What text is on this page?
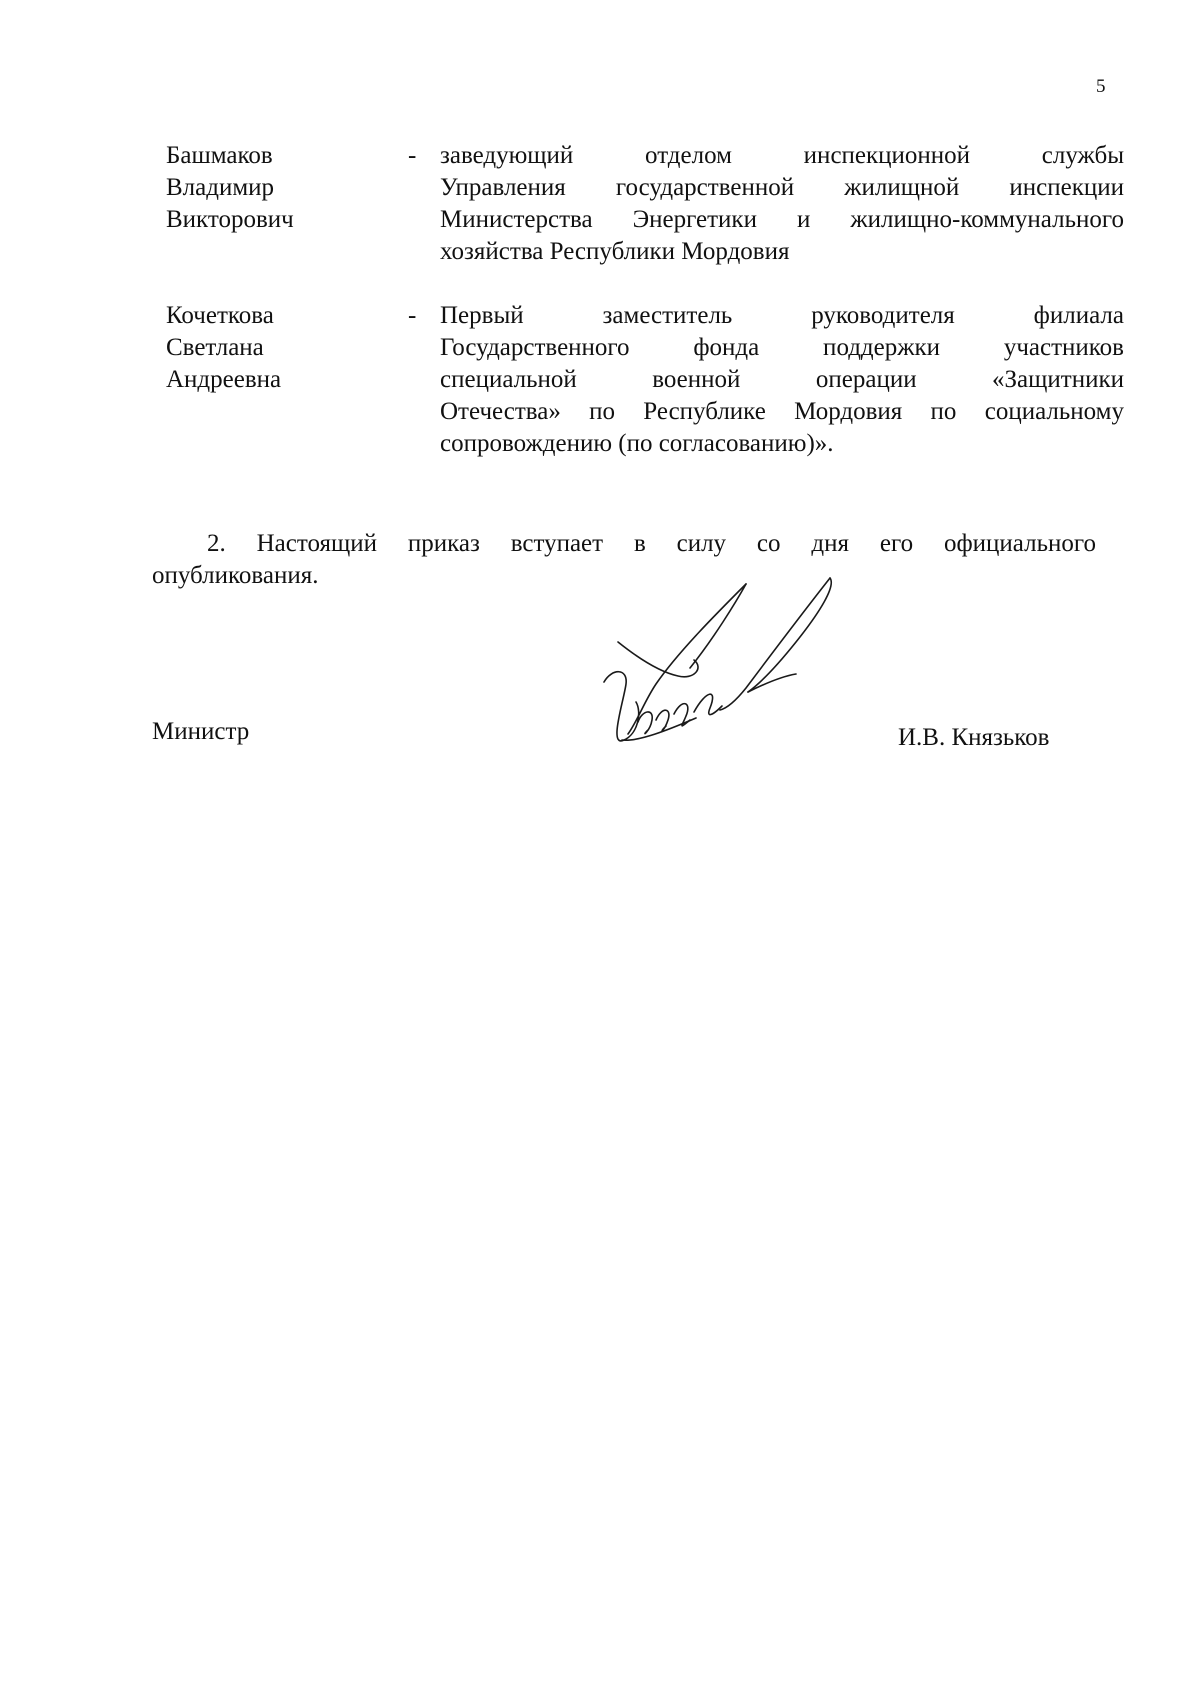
5
Башмаков
Владимир
Викторович
- заведующий отделом инспекционной службы
Управления государственной жилищной инспекции
Министерства Энергетики и жилищно-коммунального
хозяйства Республики Мордовия
Кочеткова
Светлана
Андреевна
- Первый заместитель руководителя филиала
Государственного фонда поддержки участников
специальной военной операции «Защитники
Отечества» по Республике Мордовия по социальному
сопровождению (по согласованию)».
2. Настоящий приказ вступает в силу со дня его официального
опубликования.
Министр	И.В. Князьков
